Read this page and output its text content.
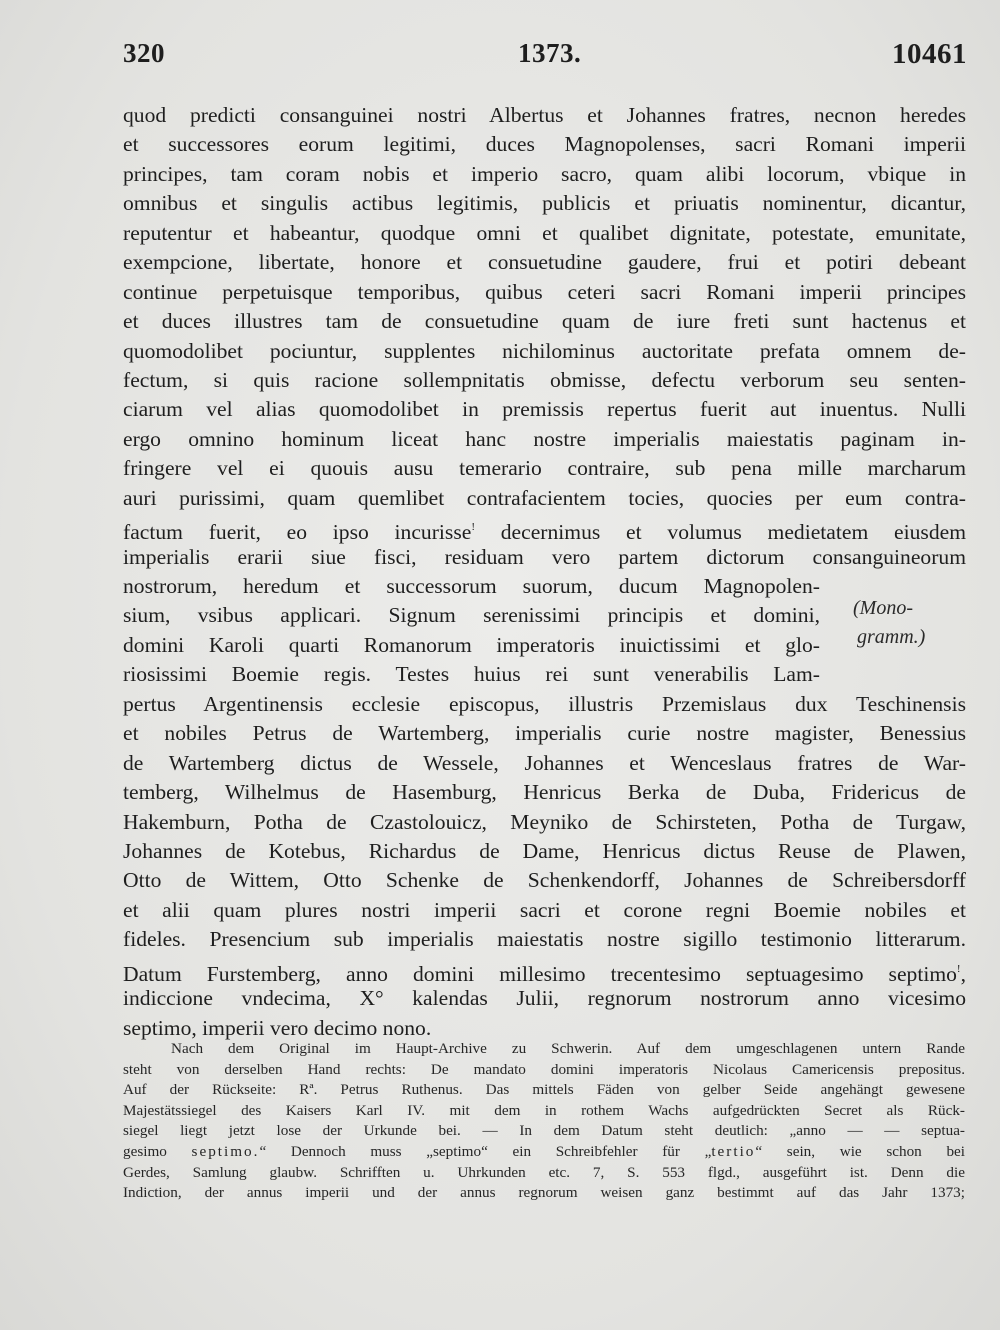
320	1373.	10461
quod predicti consanguinei nostri Albertus et Johannes fratres, necnon heredes
et successores eorum legitimi, duces Magnopolenses, sacri Romani imperii
principes, tam coram nobis et imperio sacro, quam alibi locorum, vbique in
omnibus et singulis actibus legitimis, publicis et priuatis nominentur, dicantur,
reputentur et habeantur, quodque omni et qualibet dignitate, potestate, emunitate,
exempcione, libertate, honore et consuetudine gaudere, frui et potiri debeant
continue perpetuisque temporibus, quibus ceteri sacri Romani imperii principes
et duces illustres tam de consuetudine quam de iure freti sunt hactenus et
quomodolibet pociuntur, supplentes nichilominus auctoritate prefata omnem de-
fectum, si quis racione sollempnitatis obmisse, defectu verborum seu senten-
ciarum vel alias quomodolibet in premissis repertus fuerit aut inuentus. Nulli
ergo omnino hominum liceat hanc nostre imperialis maiestatis paginam in-
fringere vel ei quouis ausu temerario contraire, sub pena mille marcharum
auri purissimi, quam quemlibet contrafacientem tocies, quocies per eum contra-
factum fuerit, eo ipso incurisse! decernimus et volumus medietatem eiusdem
imperialis erarii siue fisci, residuam vero partem dictorum consanguineorum
nostrorum, heredum et successorum suorum, ducum Magnopolen-
sium, vsibus applicari. Signum serenissimi principis et domini,
domini Karoli quarti Romanorum imperatoris inuictissimi et glo-
riosissimi Boemie regis. Testes huius rei sunt venerabilis Lam-
pertus Argentinensis ecclesie episcopus, illustris Przemislaus dux Teschinensis
et nobiles Petrus de Wartemberg, imperialis curie nostre magister, Benessius
de Wartemberg dictus de Wessele, Johannes et Wenceslaus fratres de War-
temberg, Wilhelmus de Hasemburg, Henricus Berka de Duba, Fridericus de
Hakemburn, Potha de Czastolouicz, Meyniko de Schirsteten, Potha de Turgaw,
Johannes de Kotebus, Richardus de Dame, Henricus dictus Reuse de Plawen,
Otto de Wittem, Otto Schenke de Schenkendorff, Johannes de Schreibersdorff
et alii quam plures nostri imperii sacri et corone regni Boemie nobiles et
fideles. Presencium sub imperialis maiestatis nostre sigillo testimonio litterarum.
Datum Furstemberg, anno domini millesimo trecentesimo septuagesimo septimo!,
indiccione vndecima, X° kalendas Julii, regnorum nostrorum anno vicesimo
septimo, imperii vero decimo nono.
(Mono-
gramm.)
Nach dem Original im Haupt-Archive zu Schwerin. Auf dem umgeschlagenen untern Rande
steht von derselben Hand rechts: De mandato domini imperatoris Nicolaus Camericensis prepositus.
Auf der Rückseite: Rª. Petrus Ruthenus. Das mittels Fäden von gelber Seide angehängt gewesene
Majestätssiegel des Kaisers Karl IV. mit dem in rothem Wachs aufgedrückten Secret als Rück-
siegel liegt jetzt lose der Urkunde bei. — In dem Datum steht deutlich: „anno — — septua-
gesimo septimo.“ Dennoch muss „septimo“ ein Schreibfehler für „tertio“ sein, wie schon bei
Gerdes, Samlung glaubw. Schrifften u. Uhrkunden etc. 7, S. 553 flgd., ausgeführt ist. Denn die
Indiction, der annus imperii und der annus regnorum weisen ganz bestimmt auf das Jahr 1373;
